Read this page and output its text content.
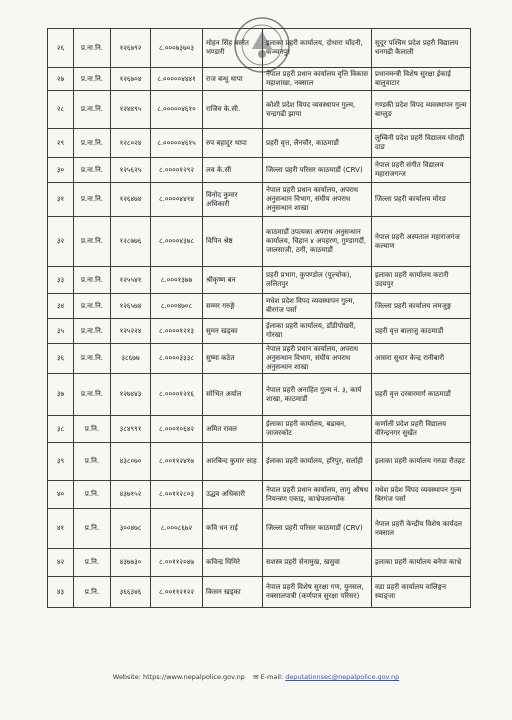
२६	प्र.ना.नि.	१२६७९२	८.०००७३७०३	मोहन सिंह बस्नेत भण्डारी	इलाका प्रहरी कार्यालय, दोधारा चाँदनी, कञ्चनपुर	सुदूर पश्चिम प्रदेश प्रहरी विद्यालय धनगढी कैलाली
२७	प्र.ना.नि.	१२६७०४	८.०००००४४४१	राज बन्धु थापा	नेपाल प्रहरी प्रधान कार्यालय वृत्ति विकास महाशाखा, नक्साल	प्रधानमन्त्री विशेष सुरक्षा ईकाई बालुवाटार
२८	प्र.ना.नि.	१२४४९५	८.०००००४६१०	राजिव के.सी.	कोशी प्रदेश विपद व्यवस्थापन गुल्म, चन्द्रगढी झापा	गण्डकी प्रदेश विपद व्यवस्थापन गुल्म बाग्लुङ
२९	प्र.ना.नि.	१२८०२४	८.०००००४६१५	रुप बहादुर थापा	प्रहरी वृत्त, लैनचौर, काठमाडौं	लुम्बिनी प्रदेश प्रहरी विद्यालय घोराही दाङ
३०	प्र.ना.नि.	१२५६२५	८.००००१२९२	लव के.सी	जिल्ला प्रहरी परिसर काठमाडौं (CRV)	नेपाल प्रहरी संगीत विद्यालय महाराजगन्ज
३१	प्र.ना.नि.	१२६४७४	८.००००४४१४	विनोद कुमार अधिकारी	नेपाल प्रहरी प्रधान कार्यालय, अपराध अनुसन्धान विभाग, संघीय अपराध अनुसन्धान शाखा	जिल्ला प्रहरी कार्यालय मोरङ
३२	प्र.ना.नि.	१२८७७६	८.००००४३७८	विपिन श्रेष्ठ	काठमाडौं उपत्यका अपराध अनुसन्धान कार्यालय, चिहान ४ अपहरण, गुण्डागर्दी, जालसाजी, ठगी, काठमाडौं	नेपाल प्रहरी अस्पताल महाराजगंज कल्याण
३३	प्र.ना.नि.	१२५५४१	८.०००१३७७	श्रीकृष्ण बन	प्रहरी प्रभाग, कुपण्डोल (पुल्चोक), ललितपुर	इलाका प्रहरी कार्यालय कटारी उदयपुर
३४	प्र.ना.नि.	१२६५७४	८.०००४७०८	सम्मर गरुङ्गे	मधेश प्रदेश विपद व्यवस्थापन गुल्म, बीरगंज पर्सा	जिल्ला प्रहरी कार्यालय लमजुङ्ग
३५	प्र.ना.नि.	१२५२२४	८.००००१२१३	सुमन खड्का	ईलाका प्रहरी कार्यालय, डाँडीपोखरी, गोरखा	प्रहरी वृत्त बालाजु काठमाडौं
३६	प्र.ना.नि.	३८६७७	८.००००३३३८	सुष्मा कठेत	नेपाल प्रहरी प्रधान कार्यालय, अपराध अनुसन्धान विभाग, संघीय अपराध अनुसन्धान शाखा	आसरा सुधार केन्द्र रानीबारी
३७	प्र.ना.नि.	१२७४४३	८.००००१२१६	सोभित अर्याल	नेपाल प्रहरी अनाहित गुल्म नं. ३, कार्य शाखा, काठमाडौं	प्रहरी वृत्त दरबारमार्ग काठमाडौं
३८	प्र.नि.	३८४९९१	८.०००१०६४२	अमित रावल	ईलाका प्रहरी कार्यालय, बढाबन, जाजरकोट	कर्णाली प्रदेश प्रहरी विद्यालय वीरेन्द्रनगर सुर्खेत
३९	प्र.नि.	४३८०७०	८.००११२४१७	आरबिन्द कुमार साह	ईलाका प्रहरी कार्यालय, हरिपुर, सर्लाही	इलाका प्रहरी कार्यालय गरुडा रौतहट
४०	प्र.नि.	४३७१५२	८.००११२८०३	उद्धव अधिकारी	नेपाल प्रहरी प्रधान कार्यालय, लागु औषध नियन्त्रण एकाइ, काभ्रेपलान्चोक	मधेश प्रदेश विपद व्यवस्थापन गुल्म बिरगंज पर्सा
४१	प्र.नि.	३००४७८	८.०००८६७२	कवि धन राई	जिल्ला प्रहरी परिसर काठमाडौं (CRV)	नेपाल प्रहरी केन्द्रीय विशेष कार्यदल नक्साल
४२	प्र.नि.	४३७७३०	८.००११२०४७	कविन्द्र घिमिरे	सशस्त्र प्रहरी सेनामुख, खसुवा	इलाका प्रहरी कार्यालय बनेपा काभ्रे
४३	प्र.नि.	३६६३४६	८.००११२१२२	किसन खड्का	नेपाल प्रहरी विशेष सुरक्षा गण, युनसल, नक्सालपात्री (कर्णपात्र सुरक्षा परिसर)	वडा प्रहरी कार्यालय वालिङ्गन स्याङ्जा
Website: https://www.nepalpolice.gov.np ✉ E-mail: deputationsec@nepalpolice.gov.np
